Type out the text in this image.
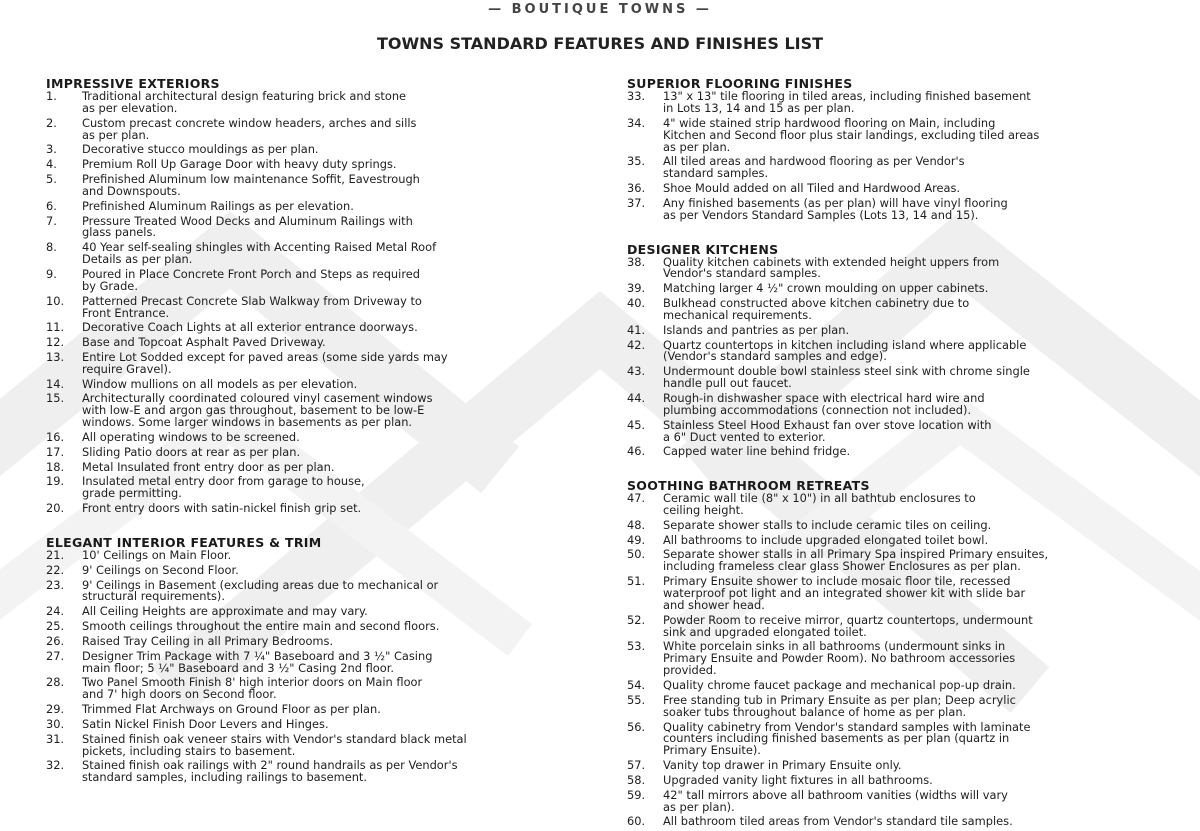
— BOUTIQUE TOWNS —
TOWNS STANDARD FEATURES AND FINISHES LIST
IMPRESSIVE EXTERIORS
1. Traditional architectural design featuring brick and stone
as per elevation.
2. Custom precast concrete window headers, arches and sills
as per plan.
3. Decorative stucco mouldings as per plan.
4. Premium Roll Up Garage Door with heavy duty springs.
5. Prefinished Aluminum low maintenance Soffit, Eavestrough
and Downspouts.
6. Prefinished Aluminum Railings as per elevation.
7. Pressure Treated Wood Decks and Aluminum Railings with
glass panels.
8. 40 Year self-sealing shingles with Accenting Raised Metal Roof
Details as per plan.
9. Poured in Place Concrete Front Porch and Steps as required
by Grade.
10. Patterned Precast Concrete Slab Walkway from Driveway to
Front Entrance.
11. Decorative Coach Lights at all exterior entrance doorways.
12. Base and Topcoat Asphalt Paved Driveway.
13. Entire Lot Sodded except for paved areas (some side yards may
require Gravel).
14. Window mullions on all models as per elevation.
15. Architecturally coordinated coloured vinyl casement windows
with low-E and argon gas throughout, basement to be low-E
windows. Some larger windows in basements as per plan.
16. All operating windows to be screened.
17. Sliding Patio doors at rear as per plan.
18. Metal Insulated front entry door as per plan.
19. Insulated metal entry door from garage to house,
grade permitting.
20. Front entry doors with satin-nickel finish grip set.
ELEGANT INTERIOR FEATURES & TRIM
21. 10' Ceilings on Main Floor.
22. 9' Ceilings on Second Floor.
23. 9' Ceilings in Basement (excluding areas due to mechanical or
structural requirements).
24. All Ceiling Heights are approximate and may vary.
25. Smooth ceilings throughout the entire main and second floors.
26. Raised Tray Ceiling in all Primary Bedrooms.
27. Designer Trim Package with 7 ¼" Baseboard and 3 ½" Casing
main floor; 5 ¼" Baseboard and 3 ½" Casing 2nd floor.
28. Two Panel Smooth Finish 8' high interior doors on Main floor
and 7' high doors on Second floor.
29. Trimmed Flat Archways on Ground Floor as per plan.
30. Satin Nickel Finish Door Levers and Hinges.
31. Stained finish oak veneer stairs with Vendor's standard black metal
pickets, including stairs to basement.
32. Stained finish oak railings with 2" round handrails as per Vendor's
standard samples, including railings to basement.
SUPERIOR FLOORING FINISHES
33. 13" x 13" tile flooring in tiled areas, including finished basement
in Lots 13, 14 and 15 as per plan.
34. 4" wide stained strip hardwood flooring on Main, including
Kitchen and Second floor plus stair landings, excluding tiled areas
as per plan.
35. All tiled areas and hardwood flooring as per Vendor's
standard samples.
36. Shoe Mould added on all Tiled and Hardwood Areas.
37. Any finished basements (as per plan) will have vinyl flooring
as per Vendors Standard Samples (Lots 13, 14 and 15).
DESIGNER KITCHENS
38. Quality kitchen cabinets with extended height uppers from
Vendor's standard samples.
39. Matching larger 4 ½" crown moulding on upper cabinets.
40. Bulkhead constructed above kitchen cabinetry due to
mechanical requirements.
41. Islands and pantries as per plan.
42. Quartz countertops in kitchen including island where applicable
(Vendor's standard samples and edge).
43. Undermount double bowl stainless steel sink with chrome single
handle pull out faucet.
44. Rough-in dishwasher space with electrical hard wire and
plumbing accommodations (connection not included).
45. Stainless Steel Hood Exhaust fan over stove location with
a 6" Duct vented to exterior.
46. Capped water line behind fridge.
SOOTHING BATHROOM RETREATS
47. Ceramic wall tile (8" x 10") in all bathtub enclosures to
ceiling height.
48. Separate shower stalls to include ceramic tiles on ceiling.
49. All bathrooms to include upgraded elongated toilet bowl.
50. Separate shower stalls in all Primary Spa inspired Primary ensuites,
including frameless clear glass Shower Enclosures as per plan.
51. Primary Ensuite shower to include mosaic floor tile, recessed
waterproof pot light and an integrated shower kit with slide bar
and shower head.
52. Powder Room to receive mirror, quartz countertops, undermount
sink and upgraded elongated toilet.
53. White porcelain sinks in all bathrooms (undermount sinks in
Primary Ensuite and Powder Room). No bathroom accessories
provided.
54. Quality chrome faucet package and mechanical pop-up drain.
55. Free standing tub in Primary Ensuite as per plan; Deep acrylic
soaker tubs throughout balance of home as per plan.
56. Quality cabinetry from Vendor's standard samples with laminate
counters including finished basements as per plan (quartz in
Primary Ensuite).
57. Vanity top drawer in Primary Ensuite only.
58. Upgraded vanity light fixtures in all bathrooms.
59. 42" tall mirrors above all bathroom vanities (widths will vary
as per plan).
60. All bathroom tiled areas from Vendor's standard tile samples.
